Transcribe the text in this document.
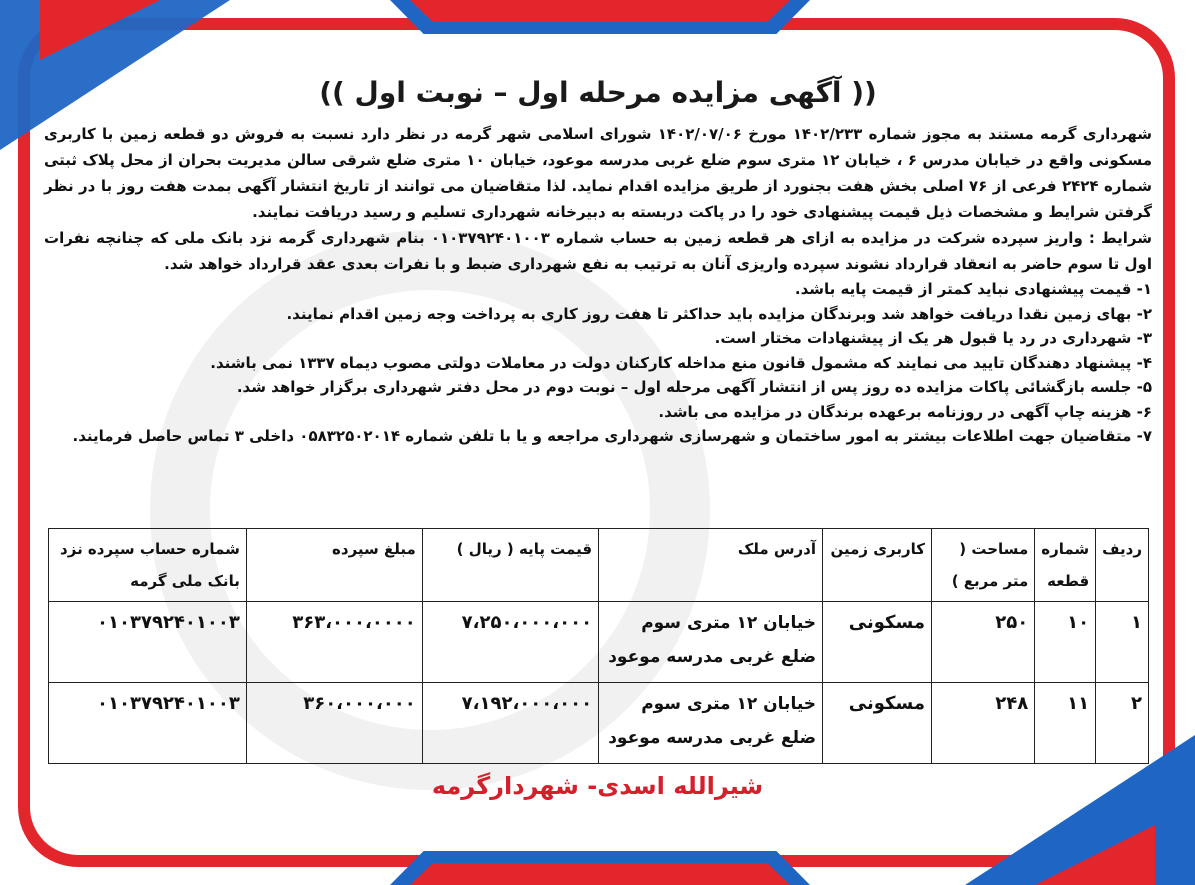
(( آگهی مزایده مرحله اول – نوبت اول ))

شهرداری گرمه مستند به مجوز شماره ۱۴۰۲/۲۳۳ مورخ ۱۴۰۲/۰۷/۰۶ شورای اسلامی شهر گرمه در نظر دارد نسبت به فروش دو قطعه زمین با کاربری مسکونی واقع در خیابان مدرس ۶ ، خیابان ۱۲ متری سوم ضلع غربی مدرسه موعود، خیابان ۱۰ متری ضلع شرقی سالن مدیریت بحران از محل پلاک ثبتی شماره ۲۴۲۴ فرعی از ۷۶ اصلی بخش هفت بجنورد از طریق مزایده اقدام نماید. لذا متقاضیان می توانند از تاریخ انتشار آگهی بمدت هفت روز با در نظر گرفتن شرایط و مشخصات ذیل قیمت پیشنهادی خود را در پاکت دربسته به دبیرخانه شهرداری تسلیم و رسید دریافت نمایند.

شرایط : واریز سپرده شرکت در مزایده به ازای هر قطعه زمین به حساب شماره ۰۱۰۳۷۹۲۴۰۱۰۰۳ بنام شهرداری گرمه نزد بانک ملی که چنانچه نفرات اول تا سوم حاضر به انعقاد قرارداد نشوند سپرده واریزی آنان به ترتیب به نفع شهرداری ضبط و با نفرات بعدی عقد قرارداد خواهد شد.

۱- قیمت پیشنهادی نباید کمتر از قیمت پایه باشد.
۲- بهای زمین نقدا دریافت خواهد شد وبرندگان مزایده باید حداکثر تا هفت روز کاری به پرداخت وجه زمین اقدام نمایند.
۳- شهرداری در رد یا قبول هر یک از پیشنهادات مختار است.
۴- پیشنهاد دهندگان تایید می نمایند که مشمول قانون منع مداخله کارکنان دولت در معاملات دولتی مصوب دیماه ۱۳۳۷ نمی باشند.
۵- جلسه بازگشائی پاکات مزایده ده روز پس از انتشار آگهی مرحله اول – نوبت دوم در محل دفتر شهرداری برگزار خواهد شد.
۶- هزینه چاپ آگهی در روزنامه برعهده برندگان در مزایده می باشد.
۷- متقاضیان جهت اطلاعات بیشتر به امور ساختمان و شهرسازی شهرداری مراجعه و یا با تلفن شماره ۰۵۸۳۲۵۰۲۰۱۴ داخلی ۳ تماس حاصل فرمایند.
ردیف	شماره قطعه	مساحت ( متر مربع )	کاربری زمین	آدرس ملک	قیمت پایه ( ریال )	مبلغ سپرده	شماره حساب سپرده نزد بانک ملی گرمه
۱	۱۰	۲۵۰	مسکونی	خیابان ۱۲ متری سوم ضلع غربی مدرسه موعود	۷،۲۵۰،۰۰۰،۰۰۰	۳۶۳،۰۰۰،۰۰۰۰	۰۱۰۳۷۹۲۴۰۱۰۰۳
۲	۱۱	۲۴۸	مسکونی	خیابان ۱۲ متری سوم ضلع غربی مدرسه موعود	۷،۱۹۲،۰۰۰،۰۰۰	۳۶۰،۰۰۰،۰۰۰	۰۱۰۳۷۹۲۴۰۱۰۰۳
شیرالله اسدی- شهردارگرمه
